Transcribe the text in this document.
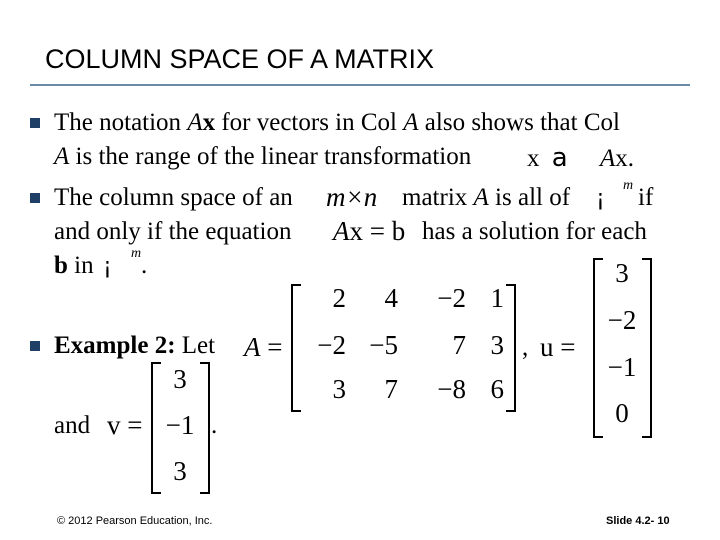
COLUMN SPACE OF A MATRIX
The notation Ax for vectors in Col A also shows that Col
A is the range of the linear transformation x a Ax.
The column space of an m×n matrix A is all of ¡
m if
and only if the equation Ax = b has a solution for each
b in ¡
m .
Example 2: Let A =
2	4	−2 1
−2 −5	7 3
3	7	−8 6
, u =
3
−2
−1
0
and v =
3
−1
3
.
© 2012 Pearson Education, Inc.	Slide 4.2- 10
